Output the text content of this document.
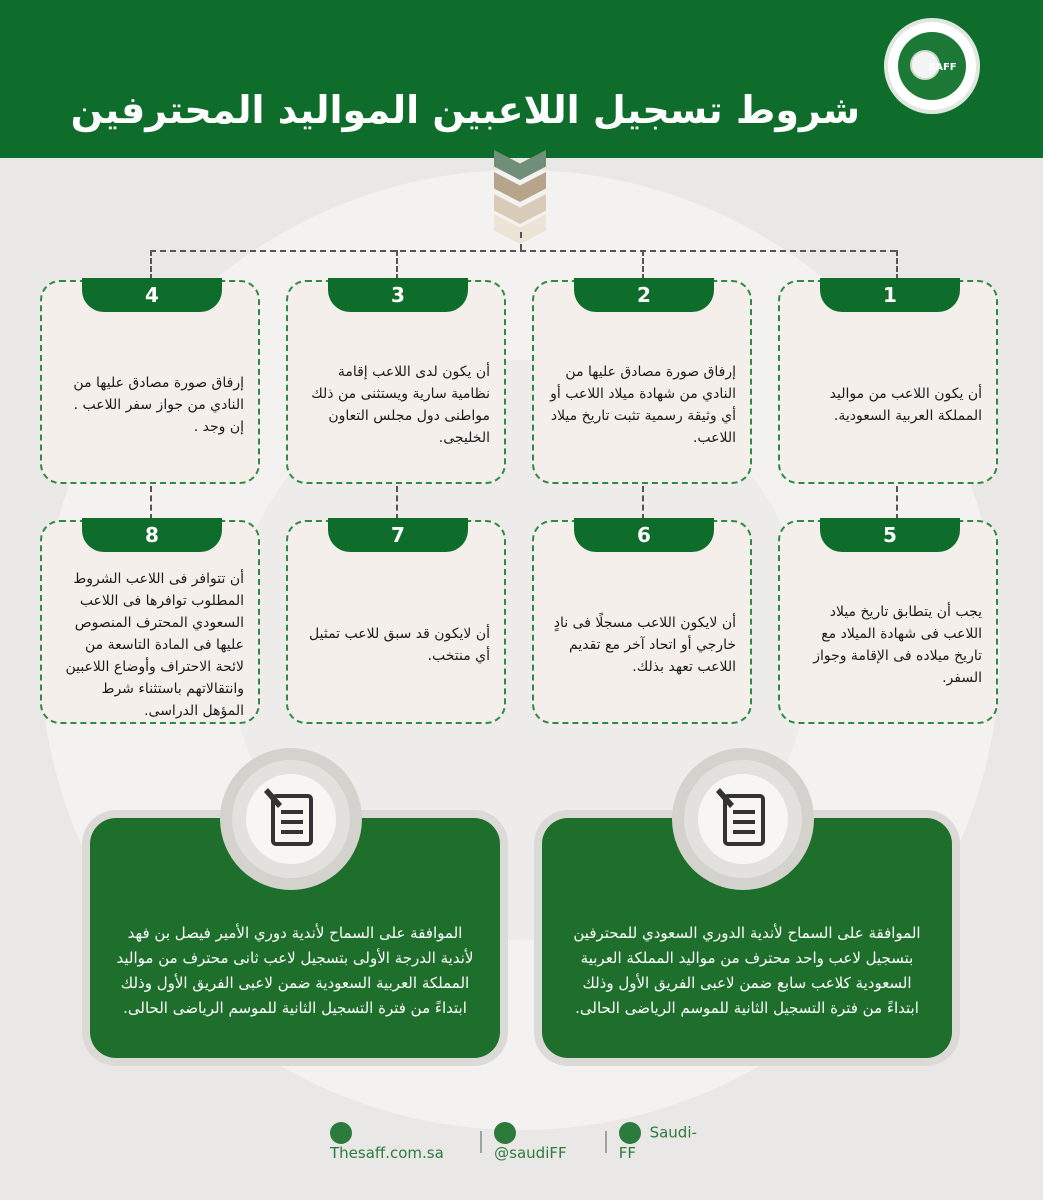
شروط تسجيل اللاعبين المواليد المحترفين
SAFF
1
أن يكون اللاعب من مواليد المملكة العربية السعودية.
2
إرفاق صورة مصادق عليها من النادي من شهادة ميلاد اللاعب أو أي وثيقة رسمية تثبت تاريخ ميلاد اللاعب.
3
أن يكون لدى اللاعب إقامة نظامية سارية ويستثنى من ذلك مواطنى دول مجلس التعاون الخليجى.
4
إرفاق صورة مصادق عليها من النادي من جواز سفر اللاعب . إن وجد .
5
يجب أن يتطابق تاريخ ميلاد اللاعب فى شهادة الميلاد مع تاريخ ميلاده فى الإقامة وجواز السفر.
6
أن لايكون اللاعب مسجلًا فى نادٍ خارجي أو اتحاد آخر مع تقديم اللاعب تعهد بذلك.
7
أن لايكون قد سبق للاعب تمثيل أي منتخب.
8
أن تتوافر فى اللاعب الشروط المطلوب توافرها فى اللاعب السعودي المحترف المنصوص عليها فى المادة التاسعة من لائحة الاحتراف وأوضاع اللاعبين وانتقالاتهم باستثناء شرط المؤهل الدراسى.
الموافقة على السماح لأندية الدوري السعودي للمحترفين بتسجيل لاعب واحد محترف من مواليد المملكة العربية السعودية كلاعب سابع ضمن لاعبى الفريق الأول وذلك ابتداءً من فترة التسجيل الثانية للموسم الرياضى الحالى.
الموافقة على السماح لأندية دوري الأمير فيصل بن فهد لأندية الدرجة الأولى بتسجيل لاعب ثانى محترف من مواليد المملكة العربية السعودية ضمن لاعبى الفريق الأول وذلك ابتداءً من فترة التسجيل الثانية للموسم الرياضى الحالى.
Thesaff.com.sa	@saudiFF
Saudi-FF
